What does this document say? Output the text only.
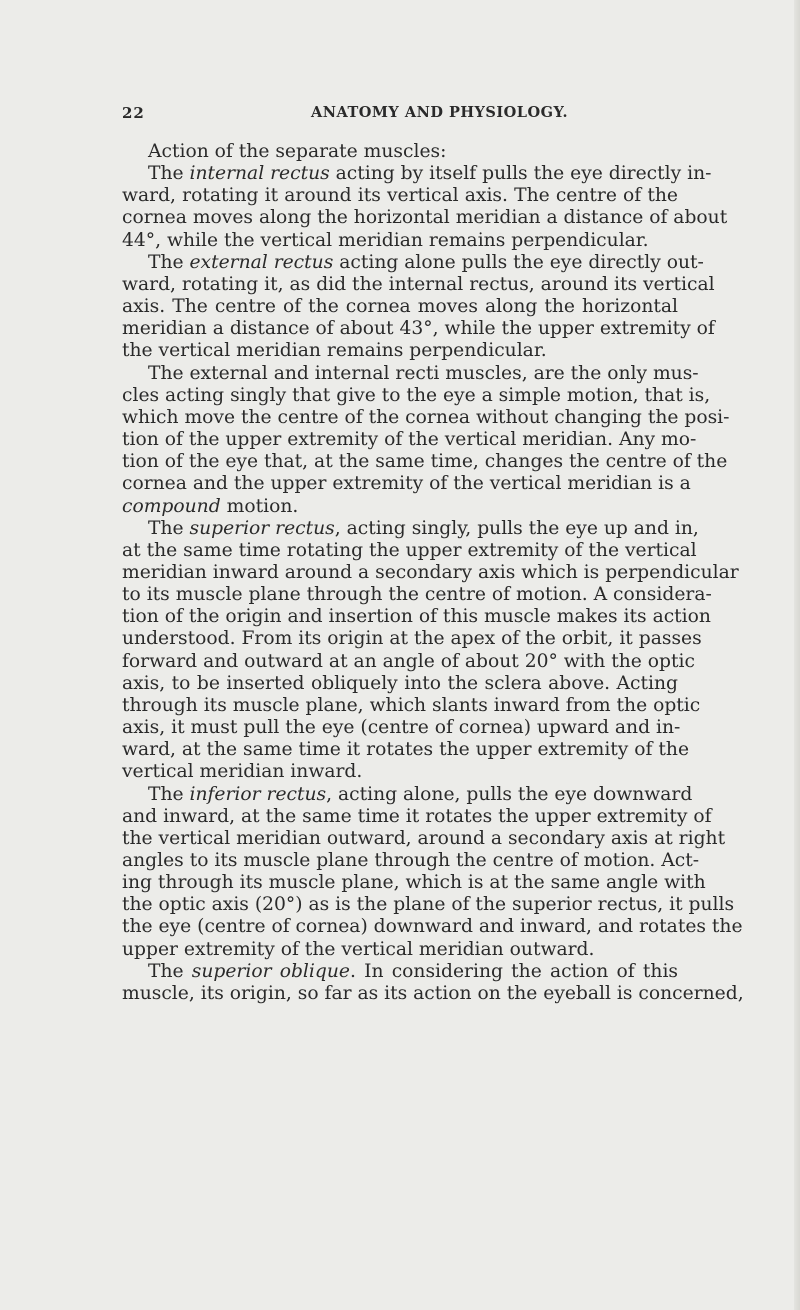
22	ANATOMY AND PHYSIOLOGY.
Action of the separate muscles:
The internal rectus acting by itself pulls the eye directly in-
ward, rotating it around its vertical axis. The centre of the
cornea moves along the horizontal meridian a distance of about
44°, while the vertical meridian remains perpendicular.
The external rectus acting alone pulls the eye directly out-
ward, rotating it, as did the internal rectus, around its vertical
axis. The centre of the cornea moves along the horizontal
meridian a distance of about 43°, while the upper extremity of
the vertical meridian remains perpendicular.
The external and internal recti muscles, are the only mus-
cles acting singly that give to the eye a simple motion, that is,
which move the centre of the cornea without changing the posi-
tion of the upper extremity of the vertical meridian. Any mo-
tion of the eye that, at the same time, changes the centre of the
cornea and the upper extremity of the vertical meridian is a
compound motion.
The superior rectus, acting singly, pulls the eye up and in,
at the same time rotating the upper extremity of the vertical
meridian inward around a secondary axis which is perpendicular
to its muscle plane through the centre of motion. A considera-
tion of the origin and insertion of this muscle makes its action
understood. From its origin at the apex of the orbit, it passes
forward and outward at an angle of about 20° with the optic
axis, to be inserted obliquely into the sclera above. Acting
through its muscle plane, which slants inward from the optic
axis, it must pull the eye (centre of cornea) upward and in-
ward, at the same time it rotates the upper extremity of the
vertical meridian inward.
The inferior rectus, acting alone, pulls the eye downward
and inward, at the same time it rotates the upper extremity of
the vertical meridian outward, around a secondary axis at right
angles to its muscle plane through the centre of motion. Act-
ing through its muscle plane, which is at the same angle with
the optic axis (20°) as is the plane of the superior rectus, it pulls
the eye (centre of cornea) downward and inward, and rotates the
upper extremity of the vertical meridian outward.
The superior oblique. In considering the action of this
muscle, its origin, so far as its action on the eyeball is concerned,
